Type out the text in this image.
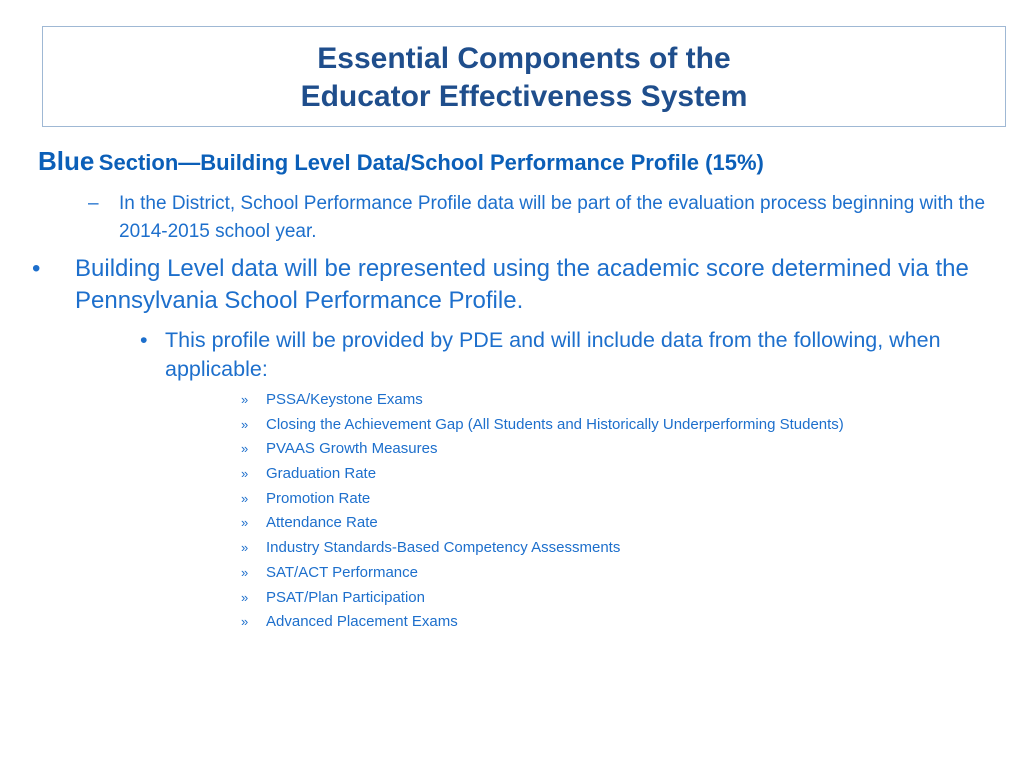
Essential Components of the
Educator Effectiveness System
Blue Section—Building Level Data/School Performance Profile (15%)
– In the District, School Performance Profile data will be part of the evaluation process beginning with the 2014-2015 school year.
• Building Level data will be represented using the academic score determined via the Pennsylvania School Performance Profile.
• This profile will be provided by PDE and will include data from the following, when applicable:
» PSSA/Keystone Exams
» Closing the Achievement Gap (All Students and Historically Underperforming Students)
» PVAAS Growth Measures
» Graduation Rate
» Promotion Rate
» Attendance Rate
» Industry Standards-Based Competency Assessments
» SAT/ACT Performance
» PSAT/Plan Participation
» Advanced Placement Exams
